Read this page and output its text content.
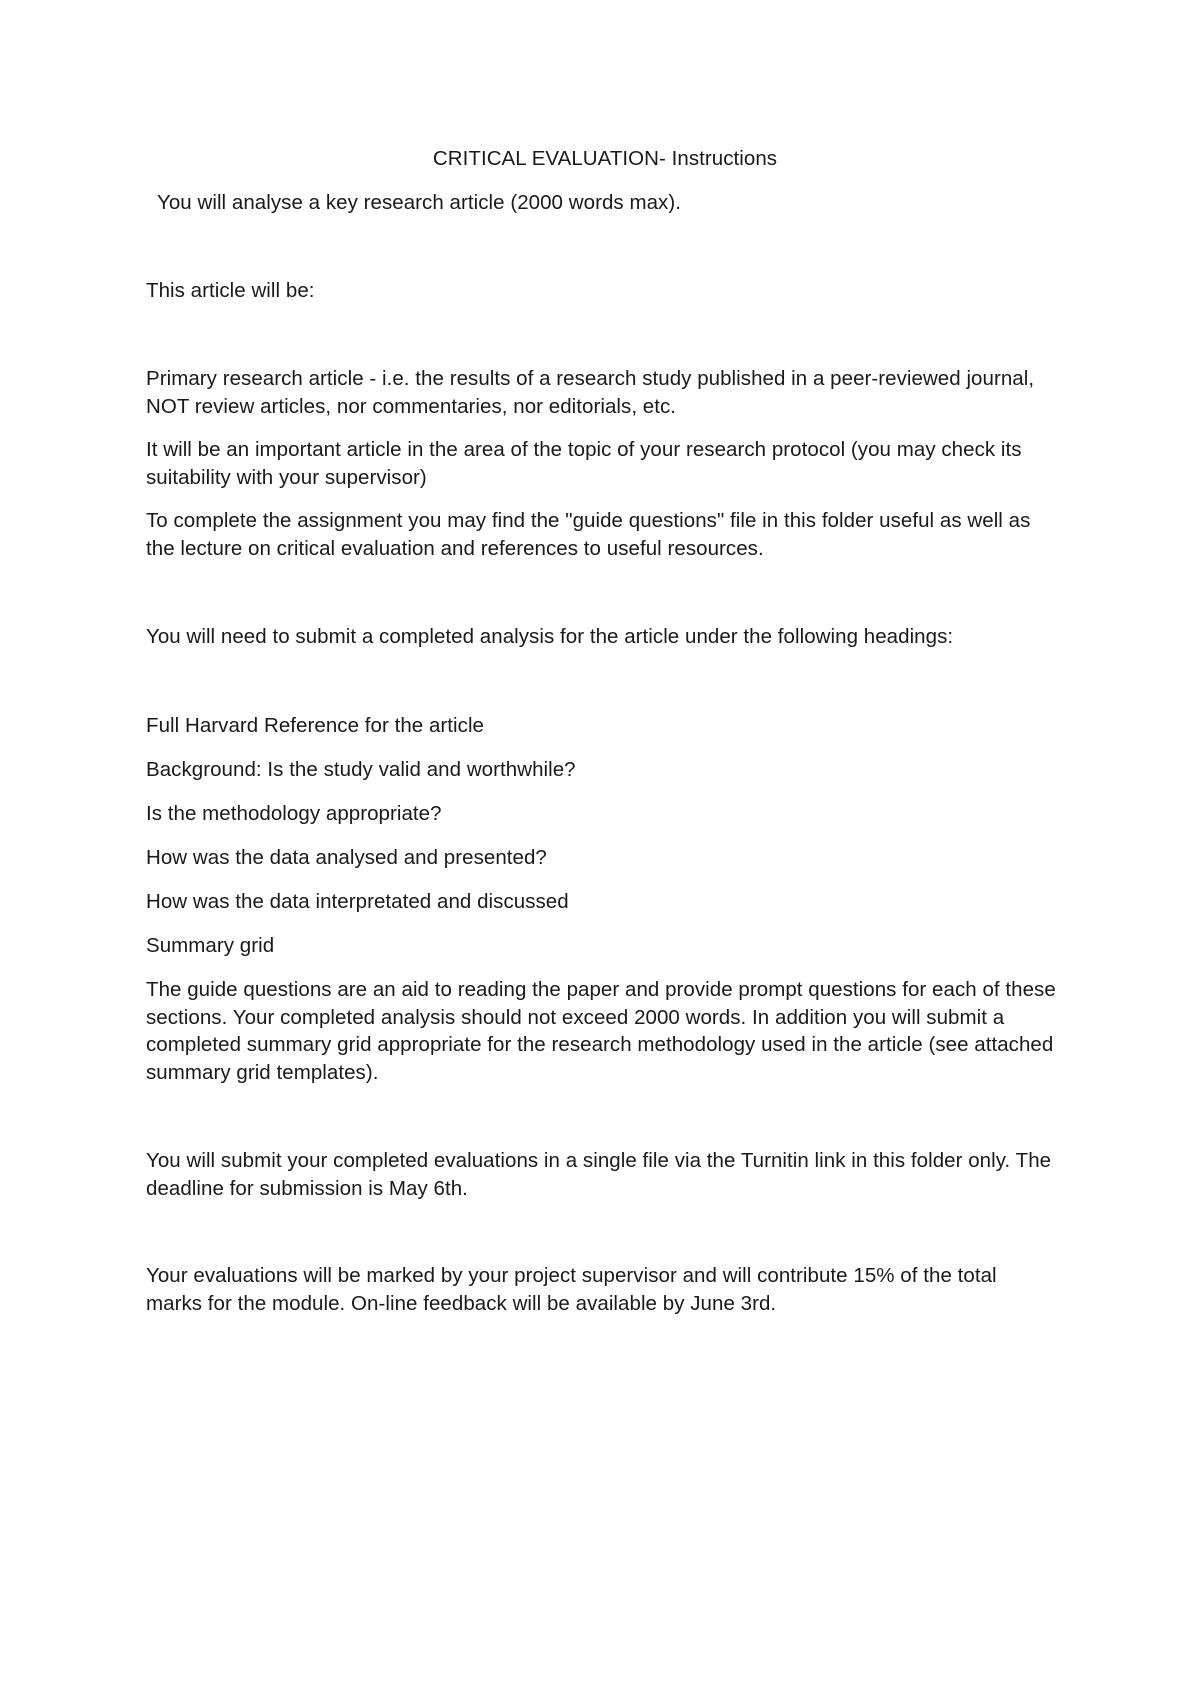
CRITICAL EVALUATION- Instructions

You will analyse a key research article (2000 words max).

This article will be:

Primary research article - i.e. the results of a research study published in a peer-reviewed journal, NOT review articles, nor commentaries, nor editorials, etc.

It will be an important article in the area of the topic of your research protocol (you may check its suitability with your supervisor)

To complete the assignment you may find the "guide questions" file in this folder useful as well as the lecture on critical evaluation and references to useful resources.

You will need to submit a completed analysis for the article under the following headings:

Full Harvard Reference for the article

Background: Is the study valid and worthwhile?

Is the methodology appropriate?

How was the data analysed and presented?

How was the data interpretated and discussed

Summary grid

The guide questions are an aid to reading the paper and provide prompt questions for each of these sections. Your completed analysis should not exceed 2000 words. In addition you will submit a completed summary grid appropriate for the research methodology used in the article (see attached summary grid templates).

You will submit your completed evaluations in a single file via the Turnitin link in this folder only. The deadline for submission is May 6th.

Your evaluations will be marked by your project supervisor and will contribute 15% of the total marks for the module. On-line feedback will be available by June 3rd.
